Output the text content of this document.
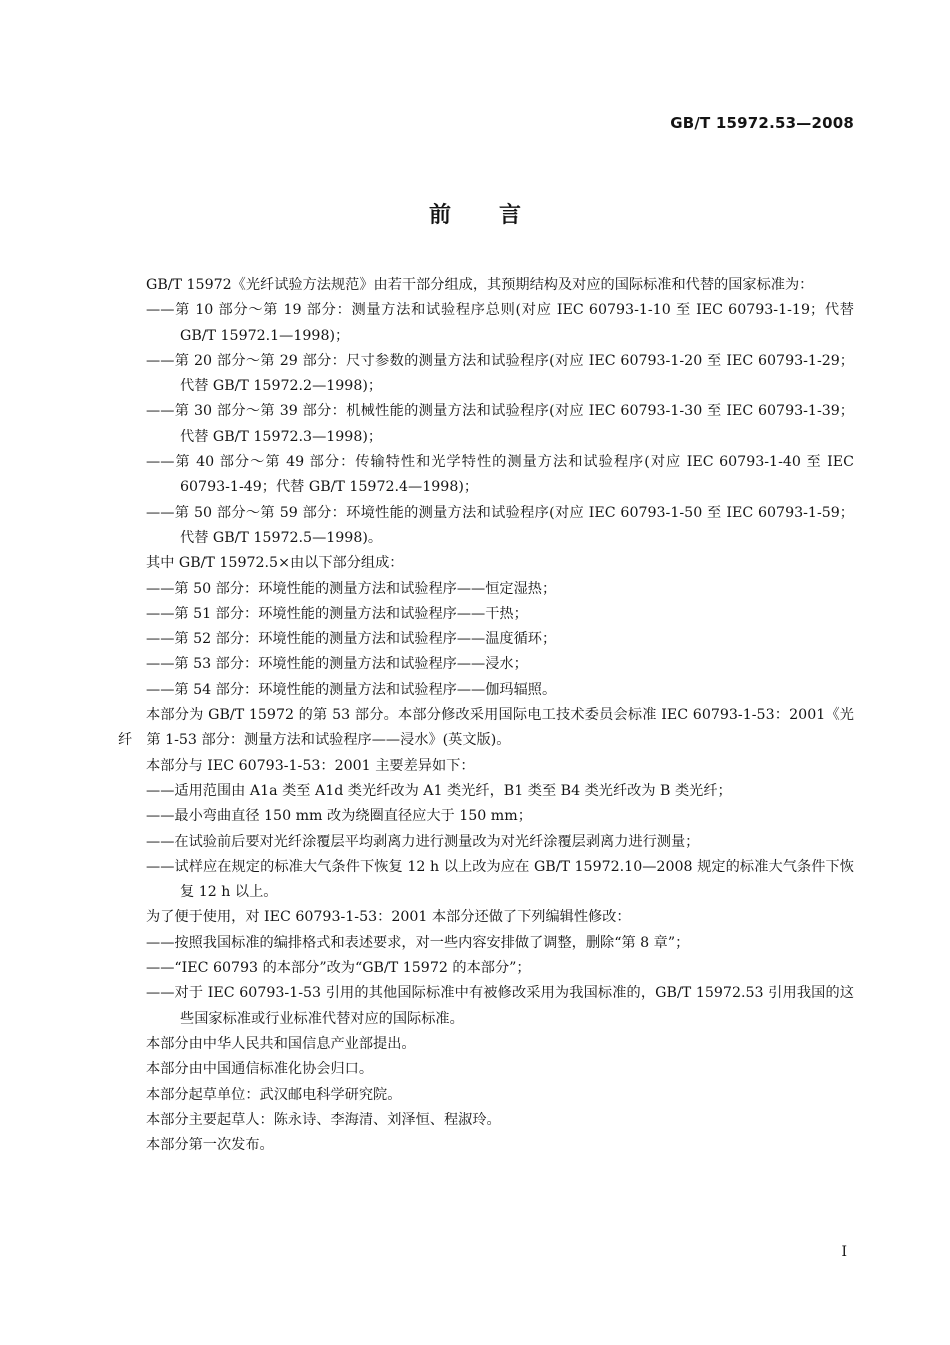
GB/T 15972.53—2008
前言

GB/T 15972《光纤试验方法规范》由若干部分组成，其预期结构及对应的国际标准和代替的国家标准为：

——第 10 部分～第 19 部分：测量方法和试验程序总则(对应 IEC 60793-1-10 至 IEC 60793-1-19；代替 GB/T 15972.1—1998)；

——第 20 部分～第 29 部分：尺寸参数的测量方法和试验程序(对应 IEC 60793-1-20 至 IEC 60793-1-29；代替 GB/T 15972.2—1998)；

——第 30 部分～第 39 部分：机械性能的测量方法和试验程序(对应 IEC 60793-1-30 至 IEC 60793-1-39；代替 GB/T 15972.3—1998)；

——第 40 部分～第 49 部分：传输特性和光学特性的测量方法和试验程序(对应 IEC 60793-1-40 至 IEC 60793-1-49；代替 GB/T 15972.4—1998)；

——第 50 部分～第 59 部分：环境性能的测量方法和试验程序(对应 IEC 60793-1-50 至 IEC 60793-1-59；代替 GB/T 15972.5—1998)。

其中 GB/T 15972.5×由以下部分组成：

——第 50 部分：环境性能的测量方法和试验程序——恒定湿热；

——第 51 部分：环境性能的测量方法和试验程序——干热；

——第 52 部分：环境性能的测量方法和试验程序——温度循环；

——第 53 部分：环境性能的测量方法和试验程序——浸水；

——第 54 部分：环境性能的测量方法和试验程序——伽玛辐照。

本部分为 GB/T 15972 的第 53 部分。本部分修改采用国际电工技术委员会标准 IEC 60793-1-53：2001《光纤　第 1-53 部分：测量方法和试验程序——浸水》(英文版)。

本部分与 IEC 60793-1-53：2001 主要差异如下：

——适用范围由 A1a 类至 A1d 类光纤改为 A1 类光纤，B1 类至 B4 类光纤改为 B 类光纤；

——最小弯曲直径 150 mm 改为绕圈直径应大于 150 mm；

——在试验前后要对光纤涂覆层平均剥离力进行测量改为对光纤涂覆层剥离力进行测量；

——试样应在规定的标准大气条件下恢复 12 h 以上改为应在 GB/T 15972.10—2008 规定的标准大气条件下恢复 12 h 以上。

为了便于使用，对 IEC 60793-1-53：2001 本部分还做了下列编辑性修改：

——按照我国标准的编排格式和表述要求，对一些内容安排做了调整，删除“第 8 章”；

——“IEC 60793 的本部分”改为“GB/T 15972 的本部分”；

——对于 IEC 60793-1-53 引用的其他国际标准中有被修改采用为我国标准的，GB/T 15972.53 引用我国的这些国家标准或行业标准代替对应的国际标准。

本部分由中华人民共和国信息产业部提出。

本部分由中国通信标准化协会归口。

本部分起草单位：武汉邮电科学研究院。

本部分主要起草人：陈永诗、李海清、刘泽恒、程淑玲。

本部分第一次发布。

I
